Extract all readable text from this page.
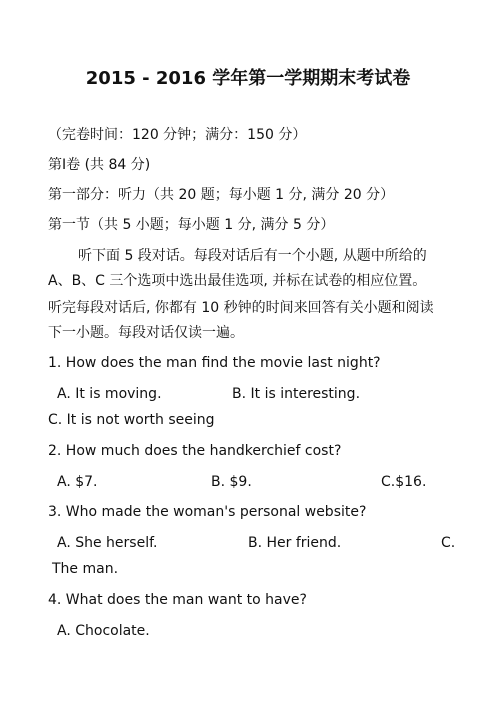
2015 - 2016 学年第一学期期末考试卷
（完卷时间：120 分钟；满分：150 分）
第Ⅰ卷 (共 84 分)
第一部分：听力（共 20 题；每小题 1 分, 满分 20 分）
第一节（共 5 小题；每小题 1 分, 满分 5 分）
听下面 5 段对话。每段对话后有一个小题, 从题中所给的
A、B、C 三个选项中选出最佳选项, 并标在试卷的相应位置。
听完每段对话后, 你都有 10 秒钟的时间来回答有关小题和阅读
下一小题。每段对话仅读一遍。
1. How does the man find the movie last night?
A. It is moving.	B. It is interesting.
C. It is not worth seeing
2. How much does the handkerchief cost?
A. $7.	B. $9.	C.$16.
3. Who made the woman's personal website?
A. She herself.	B. Her friend.	C.
The man.
4. What does the man want to have?
A. Chocolate.
